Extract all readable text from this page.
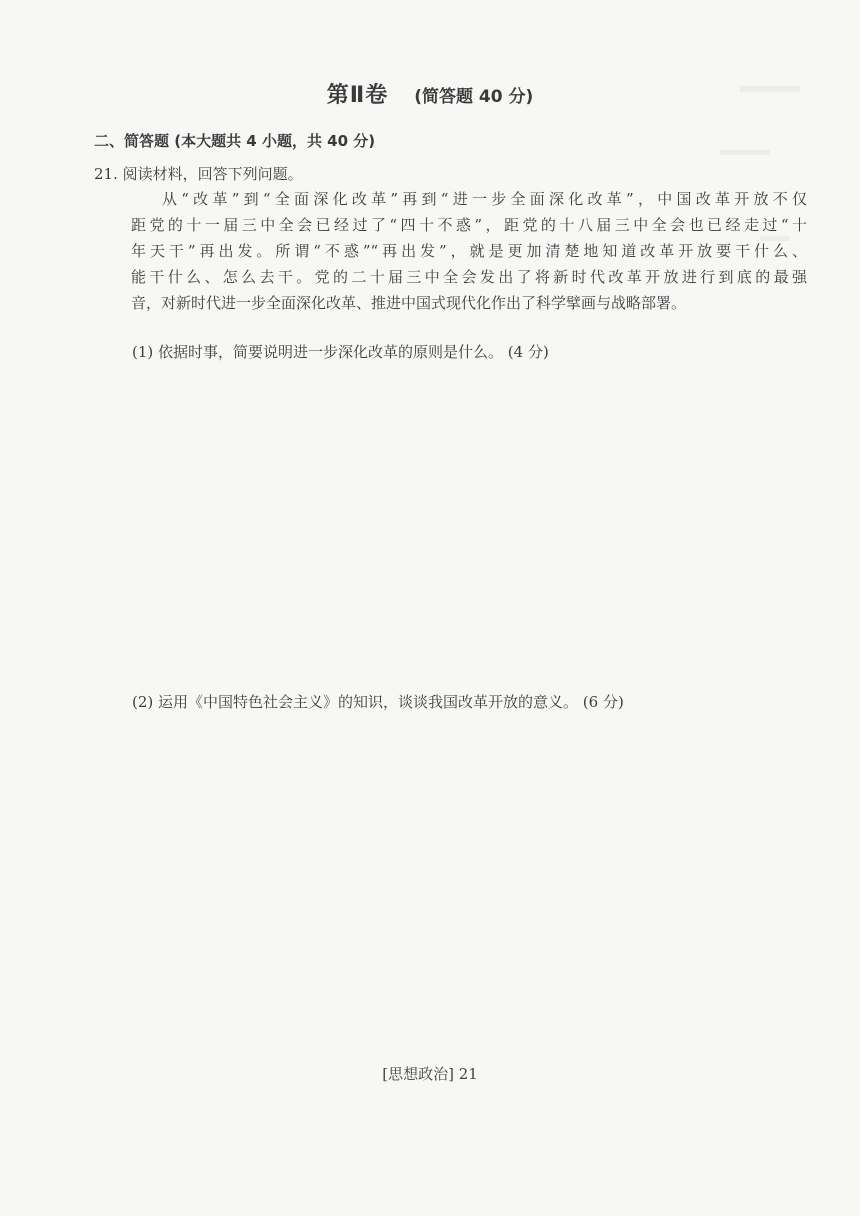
第Ⅱ卷 (简答题 40 分)
二、简答题 (本大题共 4 小题，共 40 分)
21. 阅读材料，回答下列问题。
从“改革”到“全面深化改革”再到“进一步全面深化改革”，中国改革开放不仅
距党的十一届三中全会已经过了“四十不惑”，距党的十八届三中全会也已经走过“十
年天干”再出发。所谓“不惑”“再出发”，就是更加清楚地知道改革开放要干什么、
能干什么、怎么去干。党的二十届三中全会发出了将新时代改革开放进行到底的最强
音，对新时代进一步全面深化改革、推进中国式现代化作出了科学擘画与战略部署。
(1) 依据时事，简要说明进一步深化改革的原则是什么。 (4 分)
(2) 运用《中国特色社会主义》的知识，谈谈我国改革开放的意义。 (6 分)
[思想政治] 21
